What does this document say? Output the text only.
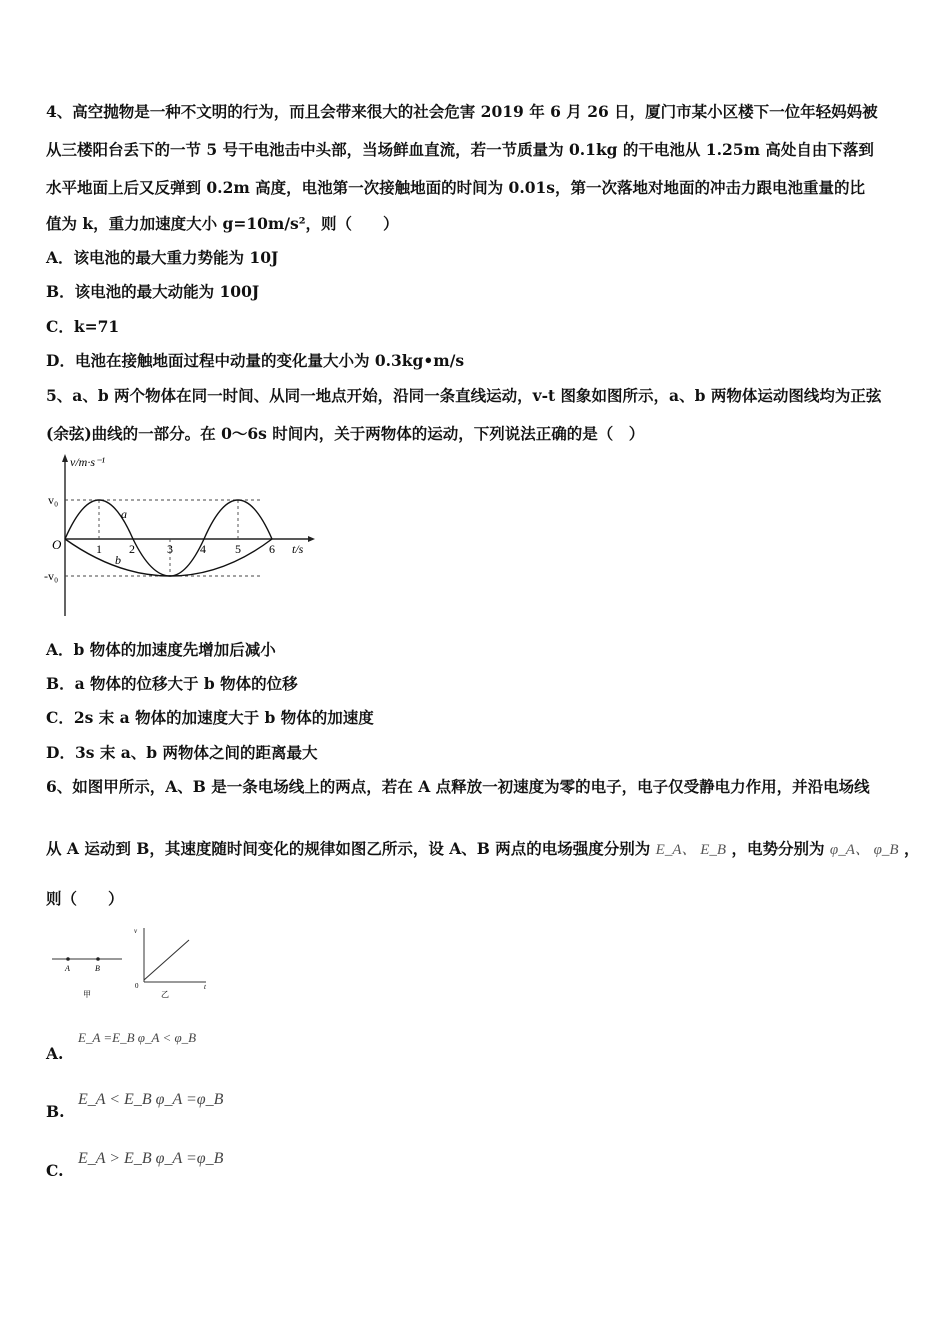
4、高空抛物是一种不文明的行为，而且会带来很大的社会危害 2019 年 6 月 26 日，厦门市某小区楼下一位年轻妈妈被
从三楼阳台丢下的一节 5 号干电池击中头部，当场鲜血直流，若一节质量为 0.1kg 的干电池从 1.25m 高处自由下落到
水平地面上后又反弹到 0.2m 高度，电池第一次接触地面的时间为 0.01s，第一次落地对地面的冲击力跟电池重量的比
值为 k，重力加速度大小 g=10m/s²，则（　　）
A．该电池的最大重力势能为 10J
B．该电池的最大动能为 100J
C．k=71
D．电池在接触地面过程中动量的变化量大小为 0.3kg•m/s
5、a、b 两个物体在同一时间、从同一地点开始，沿同一条直线运动，v-t 图象如图所示，a、b 两物体运动图线均为正弦
(余弦)曲线的一部分。在 0～6s 时间内，关于两物体的运动，下列说法正确的是（　）
v/m·s⁻¹
t/s
O
v₀
-v₀
1 2	3 4 5 6
a
b
A．b 物体的加速度先增加后减小
B．a 物体的位移大于 b 物体的位移
C．2s 末 a 物体的加速度大于 b 物体的加速度
D．3s 末 a、b 两物体之间的距离最大
6、如图甲所示，A、B 是一条电场线上的两点，若在 A 点释放一初速度为零的电子，电子仅受静电力作用，并沿电场线
从 A 运动到 B，其速度随时间变化的规律如图乙所示，设 A、B 两点的电场强度分别为 E_A、 E_B ，电势分别为 φ_A、 φ_B ，
则（　　）
A	B
甲
v
t
0
乙
A.
E_A =E_B φ_A < φ_B
B.
E_A < E_B φ_A =φ_B
C.
E_A > E_B φ_A =φ_B
